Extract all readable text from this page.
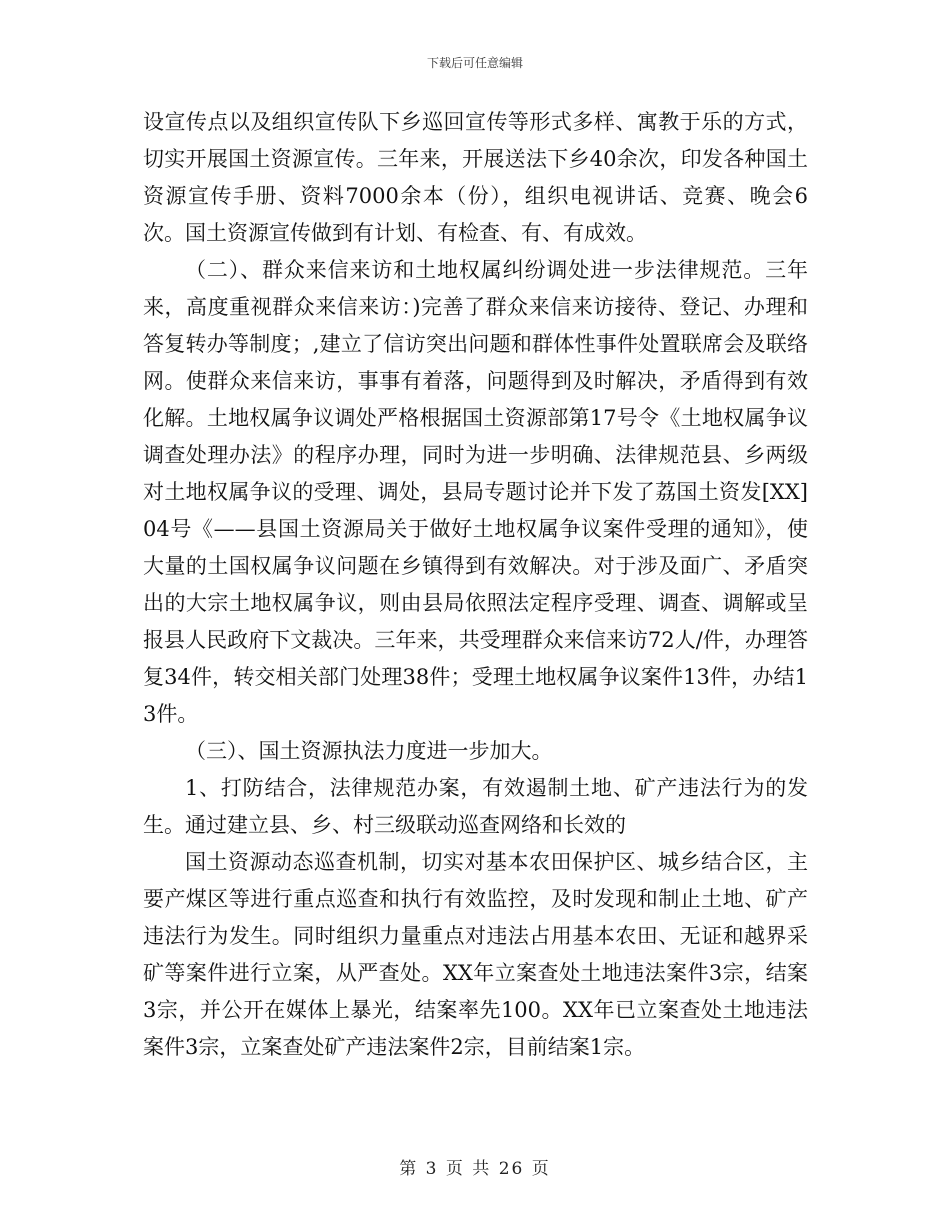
下载后可任意编辑

设宣传点以及组织宣传队下乡巡回宣传等形式多样、寓教于乐的方式，切实开展国土资源宣传。三年来，开展送法下乡40余次，印发各种国土资源宣传手册、资料7000余本（份），组织电视讲话、竞赛、晚会6次。国土资源宣传做到有计划、有检查、有、有成效。

（二）、群众来信来访和土地权属纠纷调处进一步法律规范。三年来，高度重视群众来信来访：)完善了群众来信来访接待、登记、办理和答复转办等制度；,建立了信访突出问题和群体性事件处置联席会及联络网。使群众来信来访，事事有着落，问题得到及时解决，矛盾得到有效化解。土地权属争议调处严格根据国土资源部第17号令《土地权属争议调查处理办法》的程序办理，同时为进一步明确、法律规范县、乡两级对土地权属争议的受理、调处，县局专题讨论并下发了荔国土资发[XX]04号《——县国土资源局关于做好土地权属争议案件受理的通知》，使大量的土国权属争议问题在乡镇得到有效解决。对于涉及面广、矛盾突出的大宗土地权属争议，则由县局依照法定程序受理、调查、调解或呈报县人民政府下文裁决。三年来，共受理群众来信来访72人/件，办理答复34件，转交相关部门处理38件；受理土地权属争议案件13件，办结13件。

（三）、国土资源执法力度进一步加大。

1、打防结合，法律规范办案，有效遏制土地、矿产违法行为的发生。通过建立县、乡、村三级联动巡查网络和长效的

国土资源动态巡查机制，切实对基本农田保护区、城乡结合区，主要产煤区等进行重点巡查和执行有效监控，及时发现和制止土地、矿产违法行为发生。同时组织力量重点对违法占用基本农田、无证和越界采矿等案件进行立案，从严查处。XX年立案查处土地违法案件3宗，结案3宗，并公开在媒体上暴光，结案率先100。XX年已立案查处土地违法案件3宗，立案查处矿产违法案件2宗，目前结案1宗。

第 3 页 共 26 页
